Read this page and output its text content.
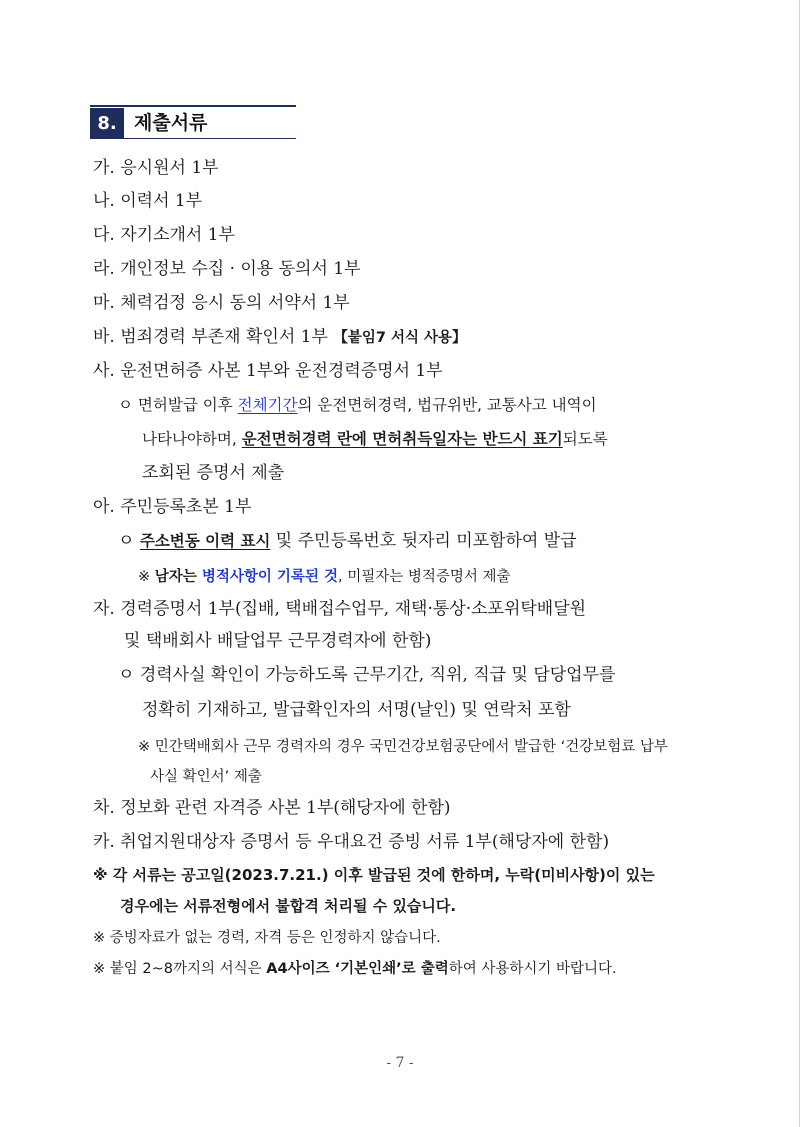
8. 제출서류
가. 응시원서 1부
나. 이력서 1부
다. 자기소개서 1부
라. 개인정보 수집 · 이용 동의서 1부
마. 체력검정 응시 동의 서약서 1부
바. 범죄경력 부존재 확인서 1부 【붙임7 서식 사용】
사. 운전면허증 사본 1부와 운전경력증명서 1부
ㅇ 면허발급 이후 전체기간의 운전면허경력, 법규위반, 교통사고 내역이
나타나야하며, 운전면허경력 란에 면허취득일자는 반드시 표기되도록
조회된 증명서 제출
아. 주민등록초본 1부
ㅇ 주소변동 이력 표시 및 주민등록번호 뒷자리 미포함하여 발급
※ 남자는 병적사항이 기록된 것, 미필자는 병적증명서 제출
자. 경력증명서 1부(집배, 택배접수업무, 재택·통상·소포위탁배달원
및 택배회사 배달업무 근무경력자에 한함)
ㅇ 경력사실 확인이 가능하도록 근무기간, 직위, 직급 및 담당업무를
정확히 기재하고, 발급확인자의 서명(날인) 및 연락처 포함
※ 민간택배회사 근무 경력자의 경우 국민건강보험공단에서 발급한 ‘건강보험료 납부
사실 확인서’ 제출
차. 정보화 관련 자격증 사본 1부(해당자에 한함)
카. 취업지원대상자 증명서 등 우대요건 증빙 서류 1부(해당자에 한함)
※ 각 서류는 공고일(2023.7.21.) 이후 발급된 것에 한하며, 누락(미비사항)이 있는
경우에는 서류전형에서 불합격 처리될 수 있습니다.
※ 증빙자료가 없는 경력, 자격 등은 인정하지 않습니다.
※ 붙임 2~8까지의 서식은 A4사이즈 ‘기본인쇄’로 출력하여 사용하시기 바랍니다.
- 7 -
